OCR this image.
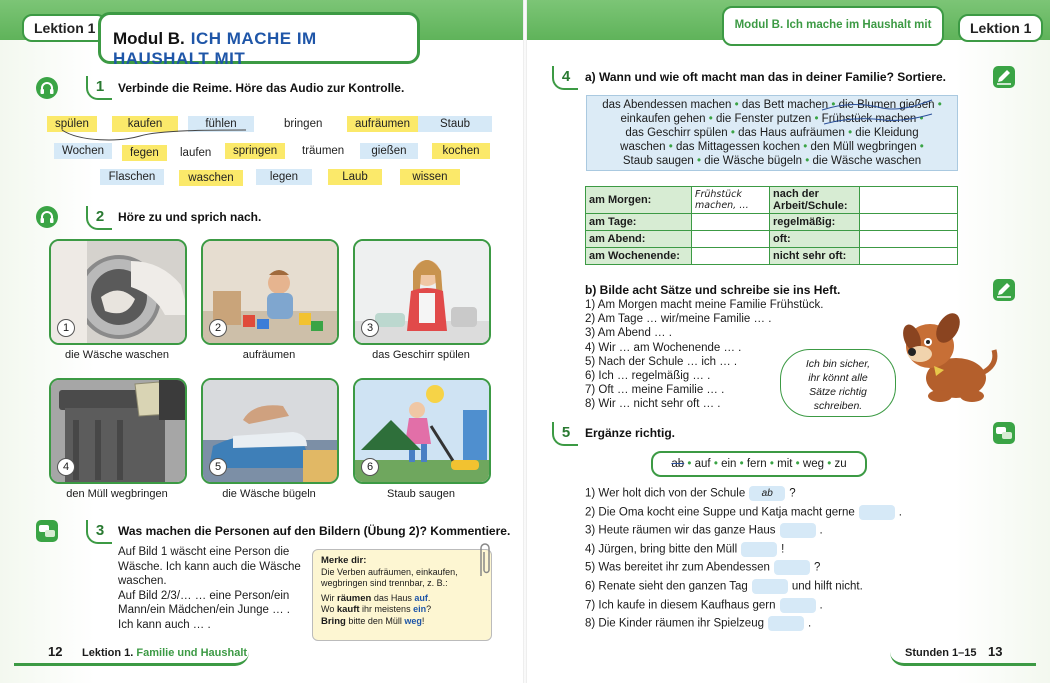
Lektion 1
Modul B. ICH MACHE IM HAUSHALT MIT
Modul B. Ich mache im Haushalt mit	Lektion 1
1	Verbinde die Reime. Höre das Audio zur Kontrolle.
spülen	kaufen	fühlen	bringen	aufräumen	Staub
Wochen	fegen	laufen	springen	träumen	gießen	kochen
Flaschen	waschen	legen	Laub	wissen
2	Höre zu und sprich nach.
1
die Wäsche waschen
2
aufräumen
3
das Geschirr spülen
4
den Müll wegbringen
5
die Wäsche bügeln
6
Staub saugen
3	Was machen die Personen auf den Bildern (Übung 2)? Kommentiere.
Auf Bild 1 wäscht eine Person die
Wäsche. Ich kann auch die Wäsche
waschen.
Auf Bild 2/3/… … eine Person/ein
Mann/ein Mädchen/ein Junge … .
Ich kann auch … .
Merke dir:
Die Verben aufräumen, einkaufen,
wegbringen sind trennbar, z. B.:
Wir räumen das Haus auf.
Wo kauft ihr meistens ein?
Bring bitte den Müll weg!
12 Lektion 1. Familie und Haushalt
4	a) Wann und wie oft macht man das in deiner Familie? Sortiere.
das Abendessen machen • das Bett machen • die Blumen gießen •
einkaufen gehen • die Fenster putzen • Frühstück machen •
das Geschirr spülen • das Haus aufräumen • die Kleidung
waschen • das Mittagessen kochen • den Müll wegbringen •
Staub saugen • die Wäsche bügeln • die Wäsche waschen
am Morgen:	Frühstück machen, …	nach der Arbeit/Schule:	
am Tage:		regelmäßig:	
am Abend:		oft:	
am Wochenende:		nicht sehr oft:	
b) Bilde acht Sätze und schreibe sie ins Heft.
1) Am Morgen macht meine Familie Frühstück.
2) Am Tage … wir/meine Familie … .
3) Am Abend … .
4) Wir … am Wochenende … .
5) Nach der Schule … ich … .
6) Ich … regelmäßig … .
7) Oft … meine Familie … .
8) Wir … nicht sehr oft … .
Ich bin sicher,
ihr könnt alle
Sätze richtig
schreiben.
5	Ergänze richtig.
ab • auf • ein • fern • mit • weg • zu
1) Wer holt dich von der Schule ab ?
2) Die Oma kocht eine Suppe und Katja macht gerne	.
3) Heute räumen wir das ganze Haus	.
4) Jürgen, bring bitte den Müll	!
5) Was bereitet ihr zum Abendessen	?
6) Renate sieht den ganzen Tag	und hilft nicht.
7) Ich kaufe in diesem Kaufhaus gern	.
8) Die Kinder räumen ihr Spielzeug	.
Stunden 1–15 13
